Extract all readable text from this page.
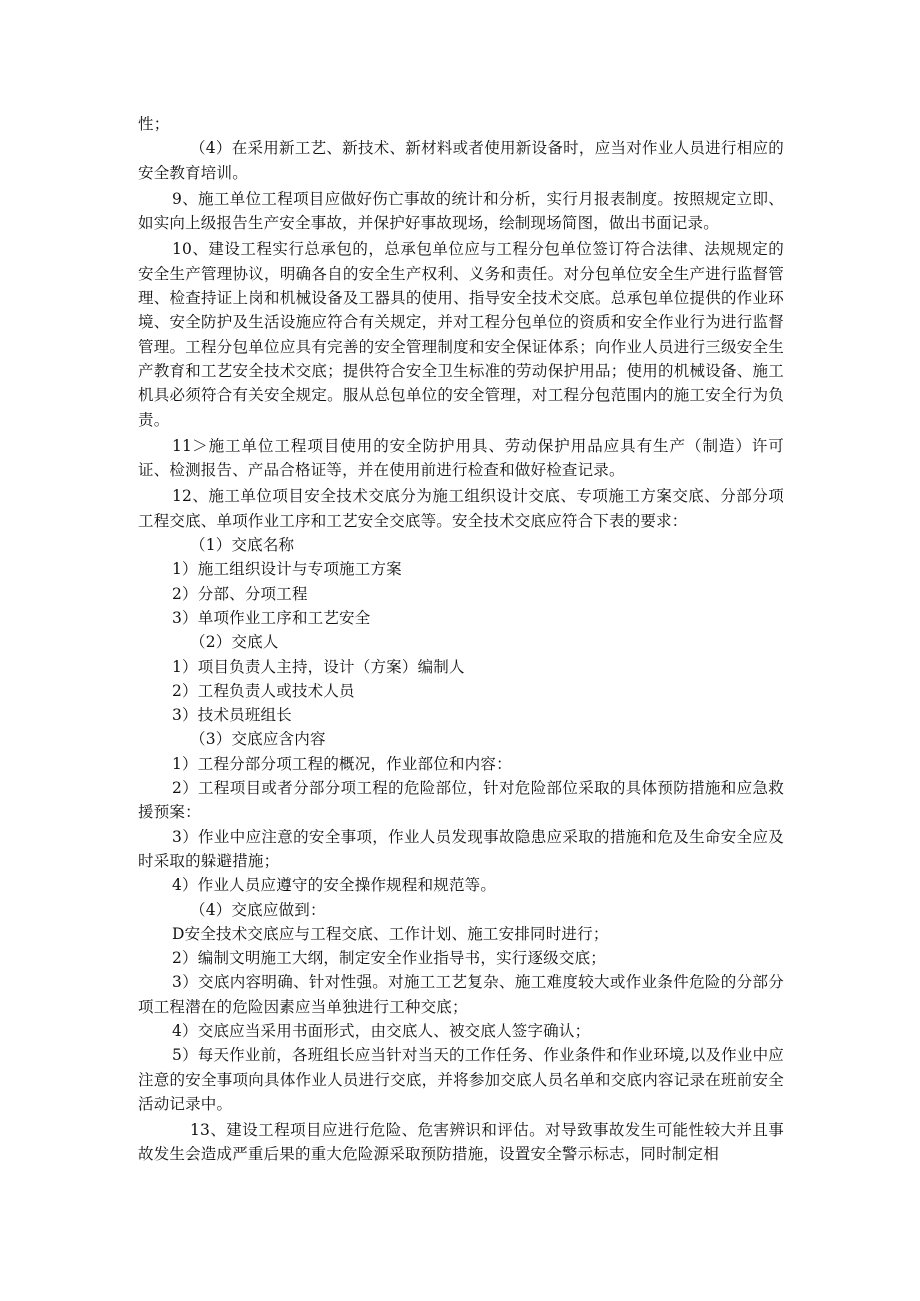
性；

（4）在采用新工艺、新技术、新材料或者使用新设备时，应当对作业人员进行相应的安全教育培训。

9、施工单位工程项目应做好伤亡事故的统计和分析，实行月报表制度。按照规定立即、如实向上级报告生产安全事故，并保护好事故现场，绘制现场简图，做出书面记录。

10、建设工程实行总承包的，总承包单位应与工程分包单位签订符合法律、法规规定的安全生产管理协议，明确各自的安全生产权利、义务和责任。对分包单位安全生产进行监督管理、检查持证上岗和机械设备及工器具的使用、指导安全技术交底。总承包单位提供的作业环境、安全防护及生活设施应符合有关规定，并对工程分包单位的资质和安全作业行为进行监督管理。工程分包单位应具有完善的安全管理制度和安全保证体系；向作业人员进行三级安全生产教育和工艺安全技术交底；提供符合安全卫生标准的劳动保护用品；使用的机械设备、施工机具必须符合有关安全规定。服从总包单位的安全管理，对工程分包范围内的施工安全行为负责。

11＞施工单位工程项目使用的安全防护用具、劳动保护用品应具有生产（制造）许可证、检测报告、产品合格证等，并在使用前进行检查和做好检查记录。

12、施工单位项目安全技术交底分为施工组织设计交底、专项施工方案交底、分部分项工程交底、单项作业工序和工艺安全交底等。安全技术交底应符合下表的要求：

（1）交底名称

1）施工组织设计与专项施工方案

2）分部、分项工程

3）单项作业工序和工艺安全

（2）交底人

1）项目负责人主持，设计（方案）编制人

2）工程负责人或技术人员

3）技术员班组长

（3）交底应含内容

1）工程分部分项工程的概况，作业部位和内容：

2）工程项目或者分部分项工程的危险部位，针对危险部位采取的具体预防措施和应急救援预案：

3）作业中应注意的安全事项，作业人员发现事故隐患应采取的措施和危及生命安全应及时采取的躲避措施；

4）作业人员应遵守的安全操作规程和规范等。

（4）交底应做到：

D安全技术交底应与工程交底、工作计划、施工安排同时进行；

2）编制文明施工大纲，制定安全作业指导书，实行逐级交底；

3）交底内容明确、针对性强。对施工工艺复杂、施工难度较大或作业条件危险的分部分项工程潜在的危险因素应当单独进行工种交底；

4）交底应当采用书面形式，由交底人、被交底人签字确认；

5）每天作业前，各班组长应当针对当天的工作任务、作业条件和作业环境,以及作业中应注意的安全事项向具体作业人员进行交底，并将参加交底人员名单和交底内容记录在班前安全活动记录中。

13、建设工程项目应进行危险、危害辨识和评估。对导致事故发生可能性较大并且事故发生会造成严重后果的重大危险源采取预防措施，设置安全警示标志，同时制定相
